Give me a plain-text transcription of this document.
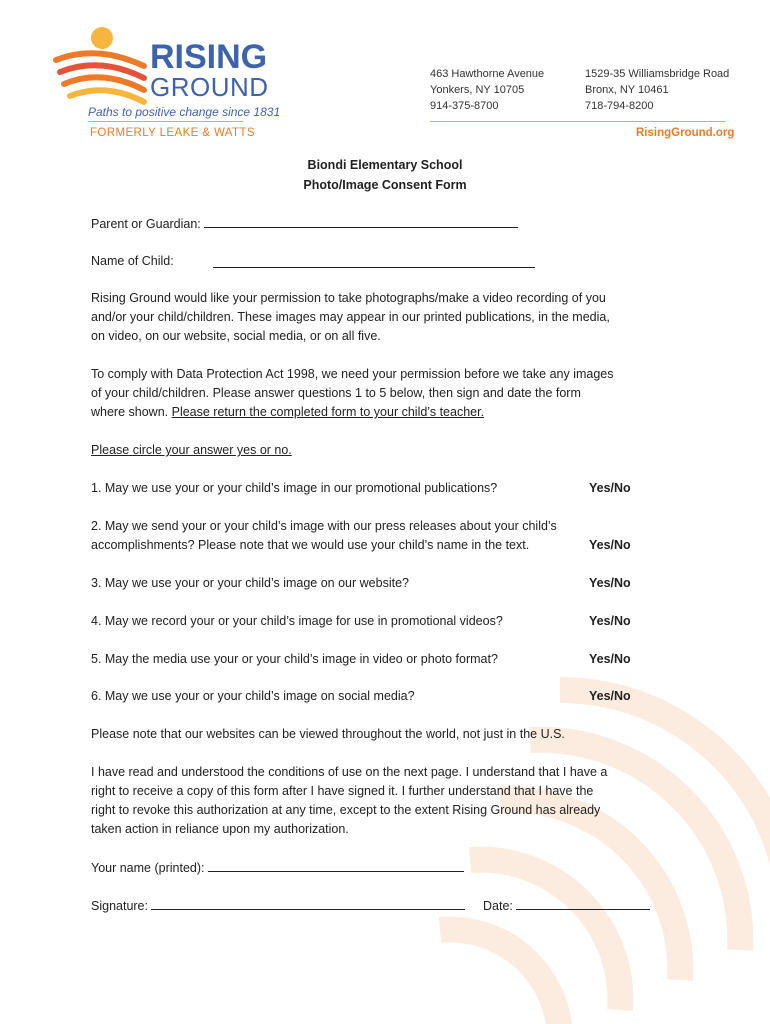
RISING
GROUND
Paths to positive change since 1831
FORMERLY LEAKE & WATTS
463 Hawthorne Avenue
Yonkers, NY 10705
914-375-8700
1529-35 Williamsbridge Road
Bronx, NY 10461
718-794-8200
RisingGround.org
Biondi Elementary School
Photo/Image Consent Form
Parent or Guardian:
Name of Child:
Rising Ground would like your permission to take photographs/make a video recording of you
and/or your child/children. These images may appear in our printed publications, in the media,
on video, on our website, social media, or on all five.
To comply with Data Protection Act 1998, we need your permission before we take any images
of your child/children. Please answer questions 1 to 5 below, then sign and date the form
where shown. Please return the completed form to your child’s teacher.
Please circle your answer yes or no.
1. May we use your or your child’s image in our promotional publications?	Yes/No
2. May we send your or your child’s image with our press releases about your child’s
accomplishments? Please note that we would use your child’s name in the text.	Yes/No
3. May we use your or your child’s image on our website?	Yes/No
4. May we record your or your child’s image for use in promotional videos?	Yes/No
5. May the media use your or your child’s image in video or photo format?	Yes/No
6. May we use your or your child’s image on social media?	Yes/No
Please note that our websites can be viewed throughout the world, not just in the U.S.
I have read and understood the conditions of use on the next page. I understand that I have a
right to receive a copy of this form after I have signed it. I further understand that I have the
right to revoke this authorization at any time, except to the extent Rising Ground has already
taken action in reliance upon my authorization.
Your name (printed):
Signature:	Date:
